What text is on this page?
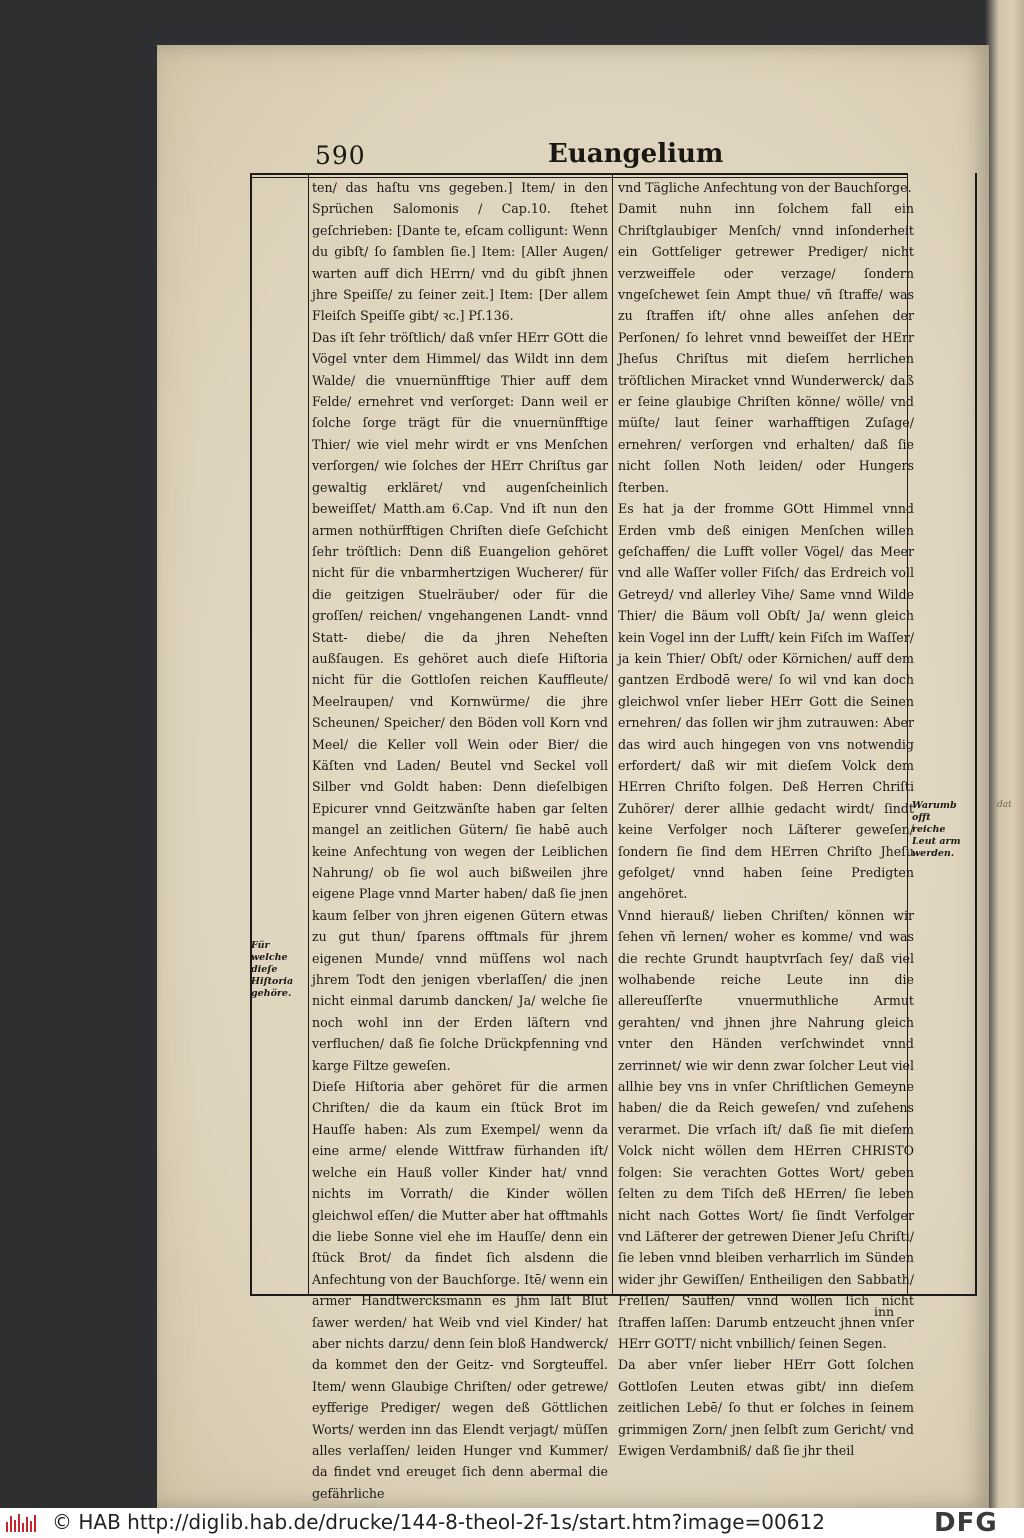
dat
590	Euangelium

ten/ das haſtu vns gegeben.] Item/ in den Sprüchen Salomonis / Cap.10. ſtehet geſchrieben: [Dante te, eſcam colligunt: Wenn du gibſt/ ſo ſamblen ſie.] Item: [Aller Augen/ warten auff dich HErrn/ vnd du gibſt jhnen jhre Speiſſe/ zu ſeiner zeit.] Item: [Der allem Fleiſch Speiſſe gibt/ ꝛc.] Pſ.136.

Das iſt ſehr tröſtlich/ daß vnſer HErr GOtt die Vögel vnter dem Himmel/ das Wildt inn dem Walde/ die vnuernünfftige Thier auff dem Felde/ ernehret vnd verſorget: Dann weil er ſolche ſorge trägt für die vnuernünfftige Thier/ wie viel mehr wirdt er vns Menſchen verſorgen/ wie ſolches der HErr Chriſtus gar gewaltig erkläret/ vnd augenſcheinlich beweiſſet/ Matth.am 6.Cap. Vnd iſt nun den armen nothürfftigen Chriſten dieſe Geſchicht ſehr tröſtlich: Denn diß Euangelion gehöret nicht für die vnbarmhertzigen Wucherer/ für die geitzigen Stuelräuber/ oder für die groſſen/ reichen/ vngehangenen Landt- vnnd Statt- diebe/ die da jhren Neheſten außſaugen. Es gehöret auch dieſe Hiſtoria nicht für die Gottloſen reichen Kauffleute/ Meelraupen/ vnd Kornwürme/ die jhre Scheunen/ Speicher/ den Böden voll Korn vnd Meel/ die Keller voll Wein oder Bier/ die Käſten vnd Laden/ Beutel vnd Seckel voll Silber vnd Goldt haben: Denn dieſelbigen Epicurer vnnd Geitzwänſte haben gar ſelten mangel an zeitlichen Gütern/ ſie habē auch keine Anfechtung von wegen der Leiblichen Nahrung/ ob ſie wol auch bißweilen jhre eigene Plage vnnd Marter haben/ daß ſie jnen kaum ſelber von jhren eigenen Gütern etwas zu gut thun/ ſparens offtmals für jhrem eigenen Munde/ vnnd müſſens wol nach jhrem Todt den jenigen vberlaſſen/ die jnen nicht einmal darumb dancken/ Ja/ welche ſie noch wohl inn der Erden läſtern vnd verfluchen/ daß ſie ſolche Drückpfenning vnd karge Filtze geweſen.

Dieſe Hiſtoria aber gehöret für die armen Chriſten/ die da kaum ein ſtück Brot im Hauſſe haben: Als zum Exempel/ wenn da eine arme/ elende Wittfraw fürhanden iſt/ welche ein Hauß voller Kinder hat/ vnnd nichts im Vorrath/ die Kinder wöllen gleichwol eſſen/ die Mutter aber hat offtmahls die liebe Sonne viel ehe im Hauſſe/ denn ein ſtück Brot/ da findet ſich alsdenn die Anfechtung von der Bauchſorge. Itē/ wenn ein armer Handtwercksmann es jhm läſt Blut ſawer werden/ hat Weib vnd viel Kinder/ hat aber nichts darzu/ denn ſein bloß Handwerck/ da kommet den der Geitz- vnd Sorgteuffel. Item/ wenn Glaubige Chriſten/ oder getrewe/ eyfferige Prediger/ wegen deß Göttlichen Worts/ werden inn das Elendt verjagt/ müſſen alles verlaſſen/ leiden Hunger vnd Kummer/ da findet vnd ereuget ſich denn abermal die gefährliche

vnd Tägliche Anfechtung von der Bauchſorge.

Damit nuhn inn ſolchem fall ein Chriſtglaubiger Menſch/ vnnd inſonderheit ein Gottſeliger getrewer Prediger/ nicht verzweiffele oder verzage/ ſondern vngeſchewet ſein Ampt thue/ vñ ſtraffe/ was zu ſtraffen iſt/ ohne alles anſehen der Perſonen/ ſo lehret vnnd beweiſſet der HErr Jheſus Chriſtus mit dieſem herrlichen tröſtlichen Miracket vnnd Wunderwerck/ daß er ſeine glaubige Chriſten könne/ wölle/ vnd müſte/ laut ſeiner warhafftigen Zuſage/ ernehren/ verſorgen vnd erhalten/ daß ſie nicht ſollen Noth leiden/ oder Hungers ſterben.

Es hat ja der fromme GOtt Himmel vnnd Erden vmb deß einigen Menſchen willen geſchaffen/ die Lufft voller Vögel/ das Meer vnd alle Waſſer voller Fiſch/ das Erdreich voll Getreyd/ vnd allerley Vihe/ Same vnnd Wilde Thier/ die Bäum voll Obſt/ Ja/ wenn gleich kein Vogel inn der Lufft/ kein Fiſch im Waſſer/ ja kein Thier/ Obſt/ oder Körnichen/ auff dem gantzen Erdbodē were/ ſo wil vnd kan doch gleichwol vnſer lieber HErr Gott die Seinen ernehren/ das ſollen wir jhm zutrauwen: Aber das wird auch hingegen von vns notwendig erfordert/ daß wir mit dieſem Volck dem HErren Chriſto folgen. Deß Herren Chriſti Zuhörer/ derer allhie gedacht wirdt/ ſindt keine Verfolger noch Läſterer geweſen/ ſondern ſie ſind dem HErren Chriſto Jheſu gefolget/ vnnd haben ſeine Predigten angehöret.

Vnnd hierauß/ lieben Chriſten/ können wir ſehen vñ lernen/ woher es komme/ vnd was die rechte Grundt hauptvrſach ſey/ daß viel wolhabende reiche Leute inn die allereuſſerſte vnuermuthliche Armut gerahten/ vnd jhnen jhre Nahrung gleich vnter den Händen verſchwindet vnnd zerrinnet/ wie wir denn zwar ſolcher Leut viel allhie bey vns in vnſer Chriſtlichen Gemeyne haben/ die da Reich geweſen/ vnd zuſehens verarmet. Die vrſach iſt/ daß ſie mit dieſem Volck nicht wöllen dem HErren CHRISTO folgen: Sie verachten Gottes Wort/ geben ſelten zu dem Tiſch deß HErren/ ſie leben nicht nach Gottes Wort/ ſie ſindt Verfolger vnd Läſterer der getrewen Diener Jeſu Chriſti/ ſie leben vnnd bleiben verharrlich im Sünden wider jhr Gewiſſen/ Entheiligen den Sabbath/ Freſſen/ Sauffen/ vnnd wöllen ſich nicht ſtraffen laſſen: Darumb entzeucht jhnen vnſer HErr GOTT/ nicht vnbillich/ ſeinen Segen.

Da aber vnſer lieber HErr Gott ſolchen Gottloſen Leuten etwas gibt/ inn dieſem zeitlichen Lebē/ ſo thut er ſolches in ſeinem grimmigen Zorn/ jnen ſelbſt zum Gericht/ vnd Ewigen Verdambniß/ daß ſie jhr theil

Für welche dieſe Hiſtoria gehöre.
Warumb offt reiche Leut arm werden.
inn
© HAB http://diglib.hab.de/drucke/144-8-theol-2f-1s/start.htm?image=00612	DFG
